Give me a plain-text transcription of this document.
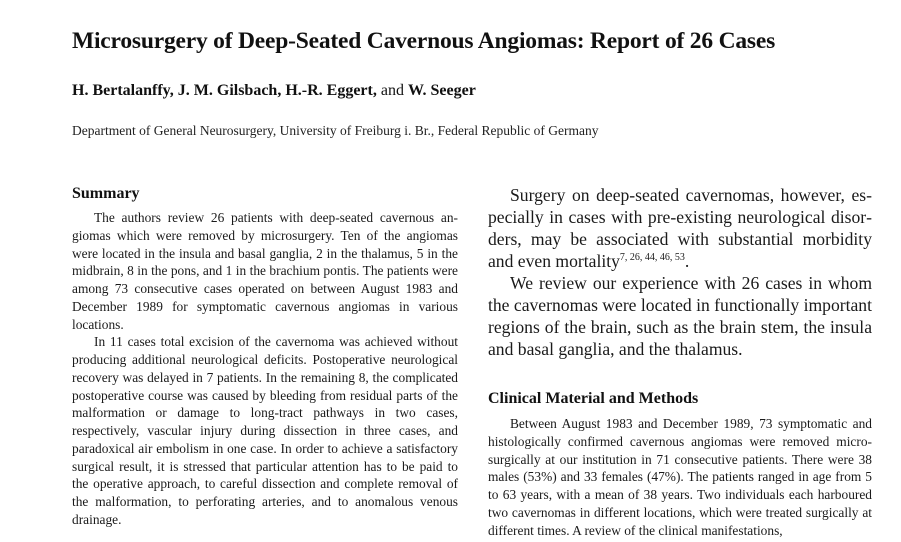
Microsurgery of Deep-Seated Cavernous Angiomas: Report of 26 Cases
H. Bertalanffy, J. M. Gilsbach, H.-R. Eggert, and W. Seeger
Department of General Neurosurgery, University of Freiburg i. Br., Federal Republic of Germany
Summary

The authors review 26 patients with deep-seated cavernous angiomas which were removed by microsurgery. Ten of the angiomas were located in the insula and basal ganglia, 2 in the thalamus, 5 in the midbrain, 8 in the pons, and 1 in the brachium pontis. The patients were among 73 consecutive cases operated on between August 1983 and December 1989 for symptomatic cavernous angiomas in various locations.

In 11 cases total excision of the cavernoma was achieved without producing additional neurological deficits. Postoperative neurological recovery was delayed in 7 patients. In the remaining 8, the complicated postoperative course was caused by bleeding from residual parts of the malformation or damage to long-tract pathways in two cases, respectively, vascular injury during dissection in three cases, and paradoxical air embolism in one case. In order to achieve a satisfactory surgical result, it is stressed that particular attention has to be paid to the operative approach, to careful dissection and complete removal of the malformation, to perforating arteries, and to anomalous venous drainage.

Surgery on deep-seated cavernomas, however, especially in cases with pre-existing neurological disorders, may be associated with substantial morbidity and even mortality$^{7, 26, 44, 46, 53}$.

We review our experience with 26 cases in whom the cavernomas were located in functionally important regions of the brain, such as the brain stem, the insula and basal ganglia, and the thalamus.

Clinical Material and Methods

Between August 1983 and December 1989, 73 symptomatic and histologically confirmed cavernous angiomas were removed microsurgically at our institution in 71 consecutive patients. There were 38 males (53%) and 33 females (47%). The patients ranged in age from 5 to 63 years, with a mean of 38 years. Two individuals each harboured two cavernomas in different locations, which were treated surgically at different times. A review of the clinical manifestations,
